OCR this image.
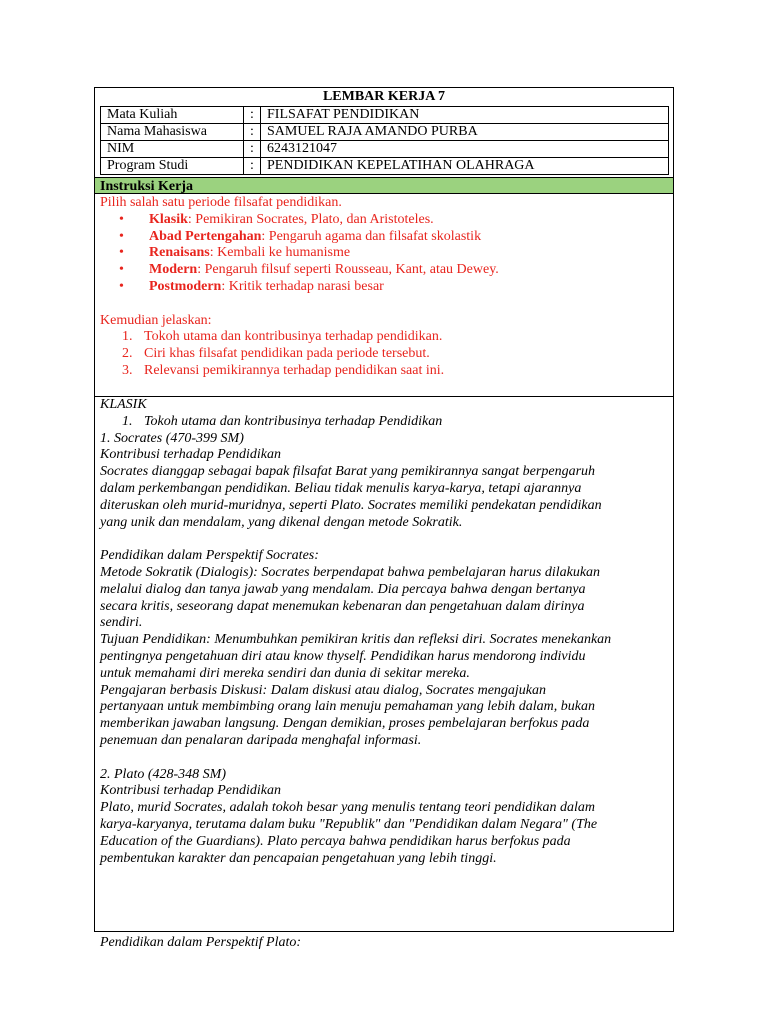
LEMBAR KERJA 7
Mata Kuliah	:	FILSAFAT PENDIDIKAN
Nama Mahasiswa	:	SAMUEL RAJA AMANDO PURBA
NIM	:	6243121047
Program Studi	:	PENDIDIKAN KEPELATIHAN OLAHRAGA
Instruksi Kerja
Pilih salah satu periode filsafat pendidikan.
• Klasik: Pemikiran Socrates, Plato, dan Aristoteles.
• Abad Pertengahan: Pengaruh agama dan filsafat skolastik
• Renaisans: Kembali ke humanisme
• Modern: Pengaruh filsuf seperti Rousseau, Kant, atau Dewey.
• Postmodern: Kritik terhadap narasi besar
Kemudian jelaskan:
1. Tokoh utama dan kontribusinya terhadap pendidikan.
2. Ciri khas filsafat pendidikan pada periode tersebut.
3. Relevansi pemikirannya terhadap pendidikan saat ini.
KLASIK
1. Tokoh utama dan kontribusinya terhadap Pendidikan
1. Socrates (470-399 SM)
Kontribusi terhadap Pendidikan
Socrates dianggap sebagai bapak filsafat Barat yang pemikirannya sangat berpengaruh
dalam perkembangan pendidikan. Beliau tidak menulis karya-karya, tetapi ajarannya
diteruskan oleh murid-muridnya, seperti Plato. Socrates memiliki pendekatan pendidikan
yang unik dan mendalam, yang dikenal dengan metode Sokratik.
Pendidikan dalam Perspektif Socrates:
Metode Sokratik (Dialogis): Socrates berpendapat bahwa pembelajaran harus dilakukan
melalui dialog dan tanya jawab yang mendalam. Dia percaya bahwa dengan bertanya
secara kritis, seseorang dapat menemukan kebenaran dan pengetahuan dalam dirinya
sendiri.
Tujuan Pendidikan: Menumbuhkan pemikiran kritis dan refleksi diri. Socrates menekankan
pentingnya pengetahuan diri atau know thyself. Pendidikan harus mendorong individu
untuk memahami diri mereka sendiri dan dunia di sekitar mereka.
Pengajaran berbasis Diskusi: Dalam diskusi atau dialog, Socrates mengajukan
pertanyaan untuk membimbing orang lain menuju pemahaman yang lebih dalam, bukan
memberikan jawaban langsung. Dengan demikian, proses pembelajaran berfokus pada
penemuan dan penalaran daripada menghafal informasi.
2. Plato (428-348 SM)
Kontribusi terhadap Pendidikan
Plato, murid Socrates, adalah tokoh besar yang menulis tentang teori pendidikan dalam
karya-karyanya, terutama dalam buku "Republik" dan "Pendidikan dalam Negara" (The
Education of the Guardians). Plato percaya bahwa pendidikan harus berfokus pada
pembentukan karakter dan pencapaian pengetahuan yang lebih tinggi.
Pendidikan dalam Perspektif Plato:
